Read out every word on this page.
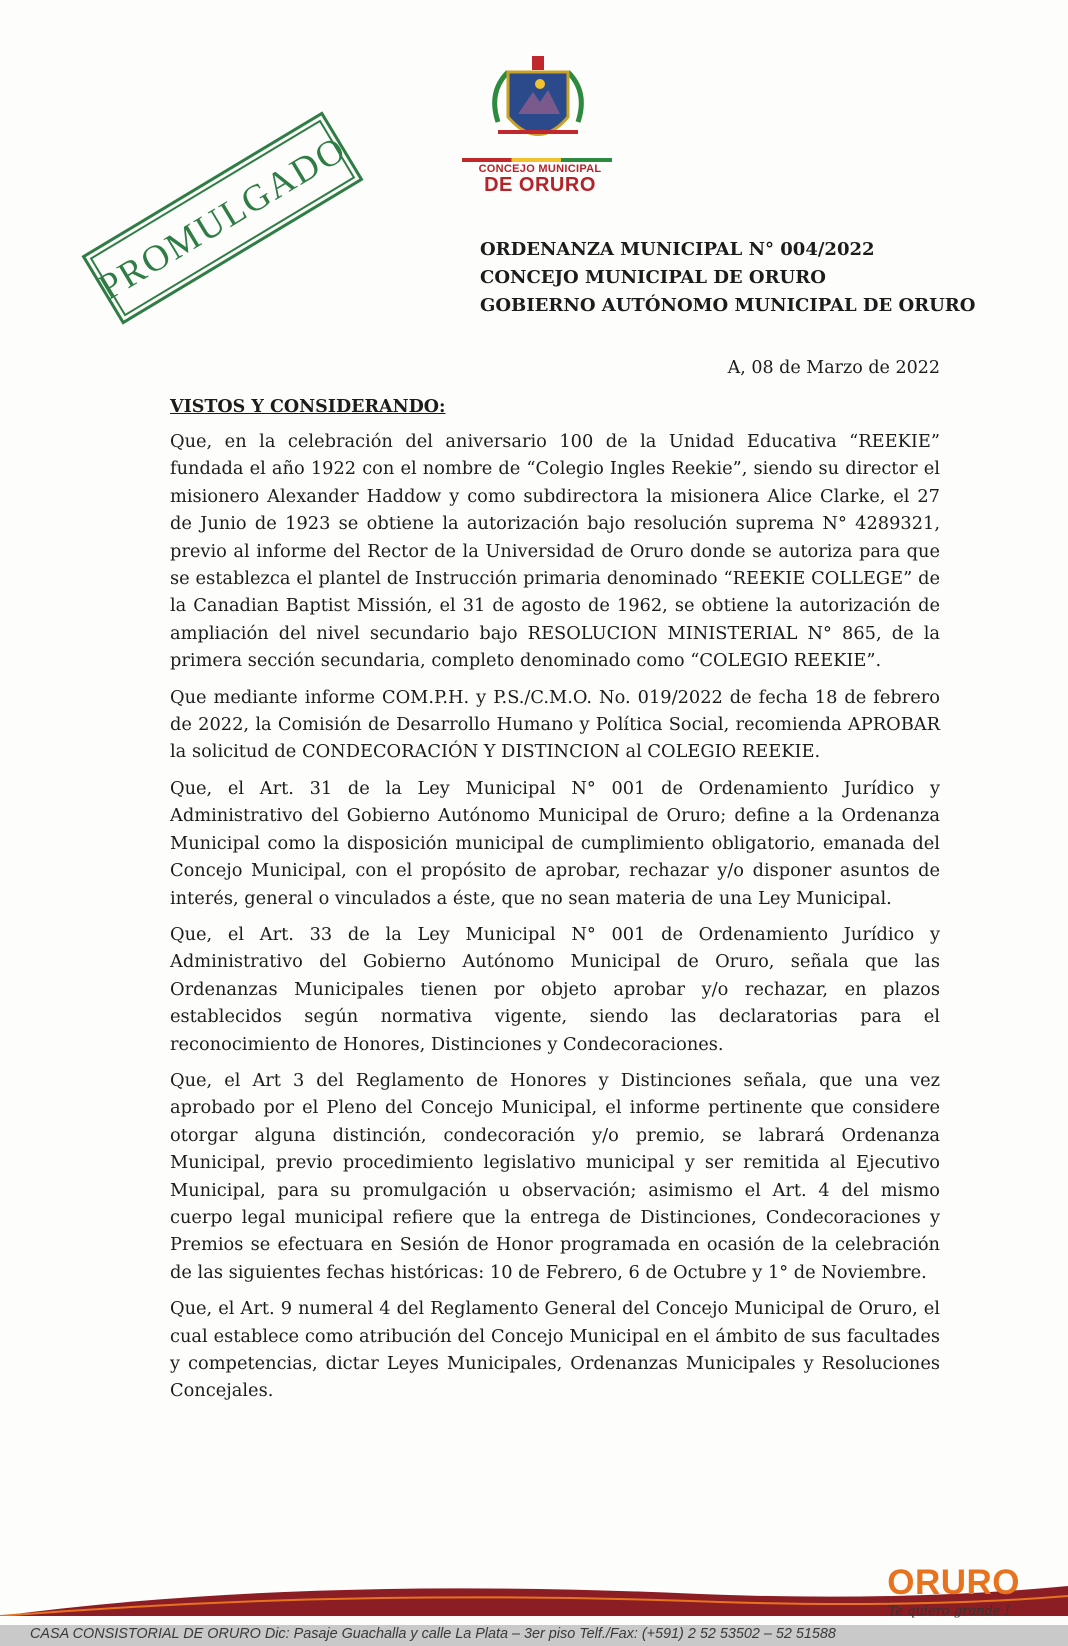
PROMULGADO	CONCEJO MUNICIPAL
DE ORURO
ORDENANZA MUNICIPAL N° 004/2022
CONCEJO MUNICIPAL DE ORURO
GOBIERNO AUTÓNOMO MUNICIPAL DE ORURO
A, 08 de Marzo de 2022
VISTOS Y CONSIDERANDO:

Que, en la celebración del aniversario 100 de la Unidad Educativa “REEKIE” fundada el año 1922 con el nombre de “Colegio Ingles Reekie”, siendo su director el misionero Alexander Haddow y como subdirectora la misionera Alice Clarke, el 27 de Junio de 1923 se obtiene la autorización bajo resolución suprema N° 4289321, previo al informe del Rector de la Universidad de Oruro donde se autoriza para que se establezca el plantel de Instrucción primaria denominado “REEKIE COLLEGE” de la Canadian Baptist Missión, el 31 de agosto de 1962, se obtiene la autorización de ampliación del nivel secundario bajo RESOLUCION MINISTERIAL N° 865, de la primera sección secundaria, completo denominado como “COLEGIO REEKIE”.

Que mediante informe COM.P.H. y P.S./C.M.O. No. 019/2022 de fecha 18 de febrero de 2022, la Comisión de Desarrollo Humano y Política Social, recomienda APROBAR la solicitud de CONDECORACIÓN Y DISTINCION al COLEGIO REEKIE.

Que, el Art. 31 de la Ley Municipal N° 001 de Ordenamiento Jurídico y Administrativo del Gobierno Autónomo Municipal de Oruro; define a la Ordenanza Municipal como la disposición municipal de cumplimiento obligatorio, emanada del Concejo Municipal, con el propósito de aprobar, rechazar y/o disponer asuntos de interés, general o vinculados a éste, que no sean materia de una Ley Municipal.

Que, el Art. 33 de la Ley Municipal N° 001 de Ordenamiento Jurídico y Administrativo del Gobierno Autónomo Municipal de Oruro, señala que las Ordenanzas Municipales tienen por objeto aprobar y/o rechazar, en plazos establecidos según normativa vigente, siendo las declaratorias para el reconocimiento de Honores, Distinciones y Condecoraciones.

Que, el Art 3 del Reglamento de Honores y Distinciones señala, que una vez aprobado por el Pleno del Concejo Municipal, el informe pertinente que considere otorgar alguna distinción, condecoración y/o premio, se labrará Ordenanza Municipal, previo procedimiento legislativo municipal y ser remitida al Ejecutivo Municipal, para su promulgación u observación; asimismo el Art. 4 del mismo cuerpo legal municipal refiere que la entrega de Distinciones, Condecoraciones y Premios se efectuara en Sesión de Honor programada en ocasión de la celebración de las siguientes fechas históricas: 10 de Febrero, 6 de Octubre y 1° de Noviembre.

Que, el Art. 9 numeral 4 del Reglamento General del Concejo Municipal de Oruro, el cual establece como atribución del Concejo Municipal en el ámbito de sus facultades y competencias, dictar Leyes Municipales, Ordenanzas Municipales y Resoluciones Concejales.

ORURO
Te quiero grande !
CASA CONSISTORIAL DE ORURO Dic: Pasaje Guachalla y calle La Plata – 3er piso Telf./Fax: (+591) 2 52 53502 – 52 51588
